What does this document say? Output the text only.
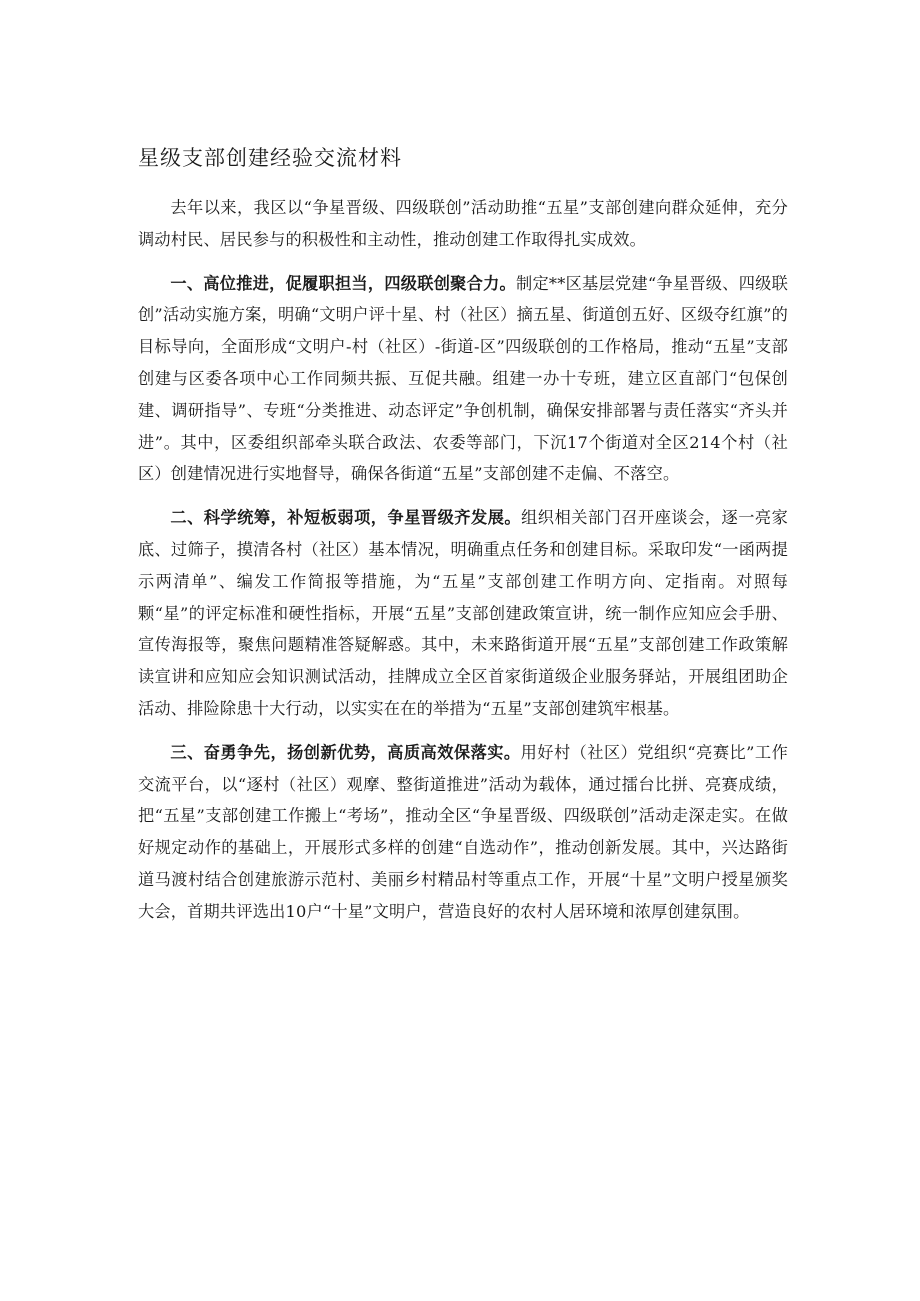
星级支部创建经验交流材料

去年以来，我区以“争星晋级、四级联创”活动助推“五星”支部创建向群众延伸，充分调动村民、居民参与的积极性和主动性，推动创建工作取得扎实成效。

一、高位推进，促履职担当，四级联创聚合力。制定**区基层党建“争星晋级、四级联创”活动实施方案，明确“文明户评十星、村（社区）摘五星、街道创五好、区级夺红旗”的目标导向，全面形成“文明户-村（社区）-街道-区”四级联创的工作格局，推动“五星”支部创建与区委各项中心工作同频共振、互促共融。组建一办十专班，建立区直部门“包保创建、调研指导”、专班“分类推进、动态评定”争创机制，确保安排部署与责任落实“齐头并进”。其中，区委组织部牵头联合政法、农委等部门，下沉17个街道对全区214个村（社区）创建情况进行实地督导，确保各街道“五星”支部创建不走偏、不落空。

二、科学统筹，补短板弱项，争星晋级齐发展。组织相关部门召开座谈会，逐一亮家底、过筛子，摸清各村（社区）基本情况，明确重点任务和创建目标。采取印发“一函两提示两清单”、编发工作简报等措施，为“五星”支部创建工作明方向、定指南。对照每颗“星”的评定标准和硬性指标，开展“五星”支部创建政策宣讲，统一制作应知应会手册、宣传海报等，聚焦问题精准答疑解惑。其中，未来路街道开展“五星”支部创建工作政策解读宣讲和应知应会知识测试活动，挂牌成立全区首家街道级企业服务驿站，开展组团助企活动、排险除患十大行动，以实实在在的举措为“五星”支部创建筑牢根基。

三、奋勇争先，扬创新优势，高质高效保落实。用好村（社区）党组织“亮赛比”工作交流平台，以“逐村（社区）观摩、整街道推进”活动为载体，通过擂台比拼、亮赛成绩，把“五星”支部创建工作搬上“考场”，推动全区“争星晋级、四级联创”活动走深走实。在做好规定动作的基础上，开展形式多样的创建“自选动作”，推动创新发展。其中，兴达路街道马渡村结合创建旅游示范村、美丽乡村精品村等重点工作，开展“十星”文明户授星颁奖大会，首期共评选出10户“十星”文明户，营造良好的农村人居环境和浓厚创建氛围。
